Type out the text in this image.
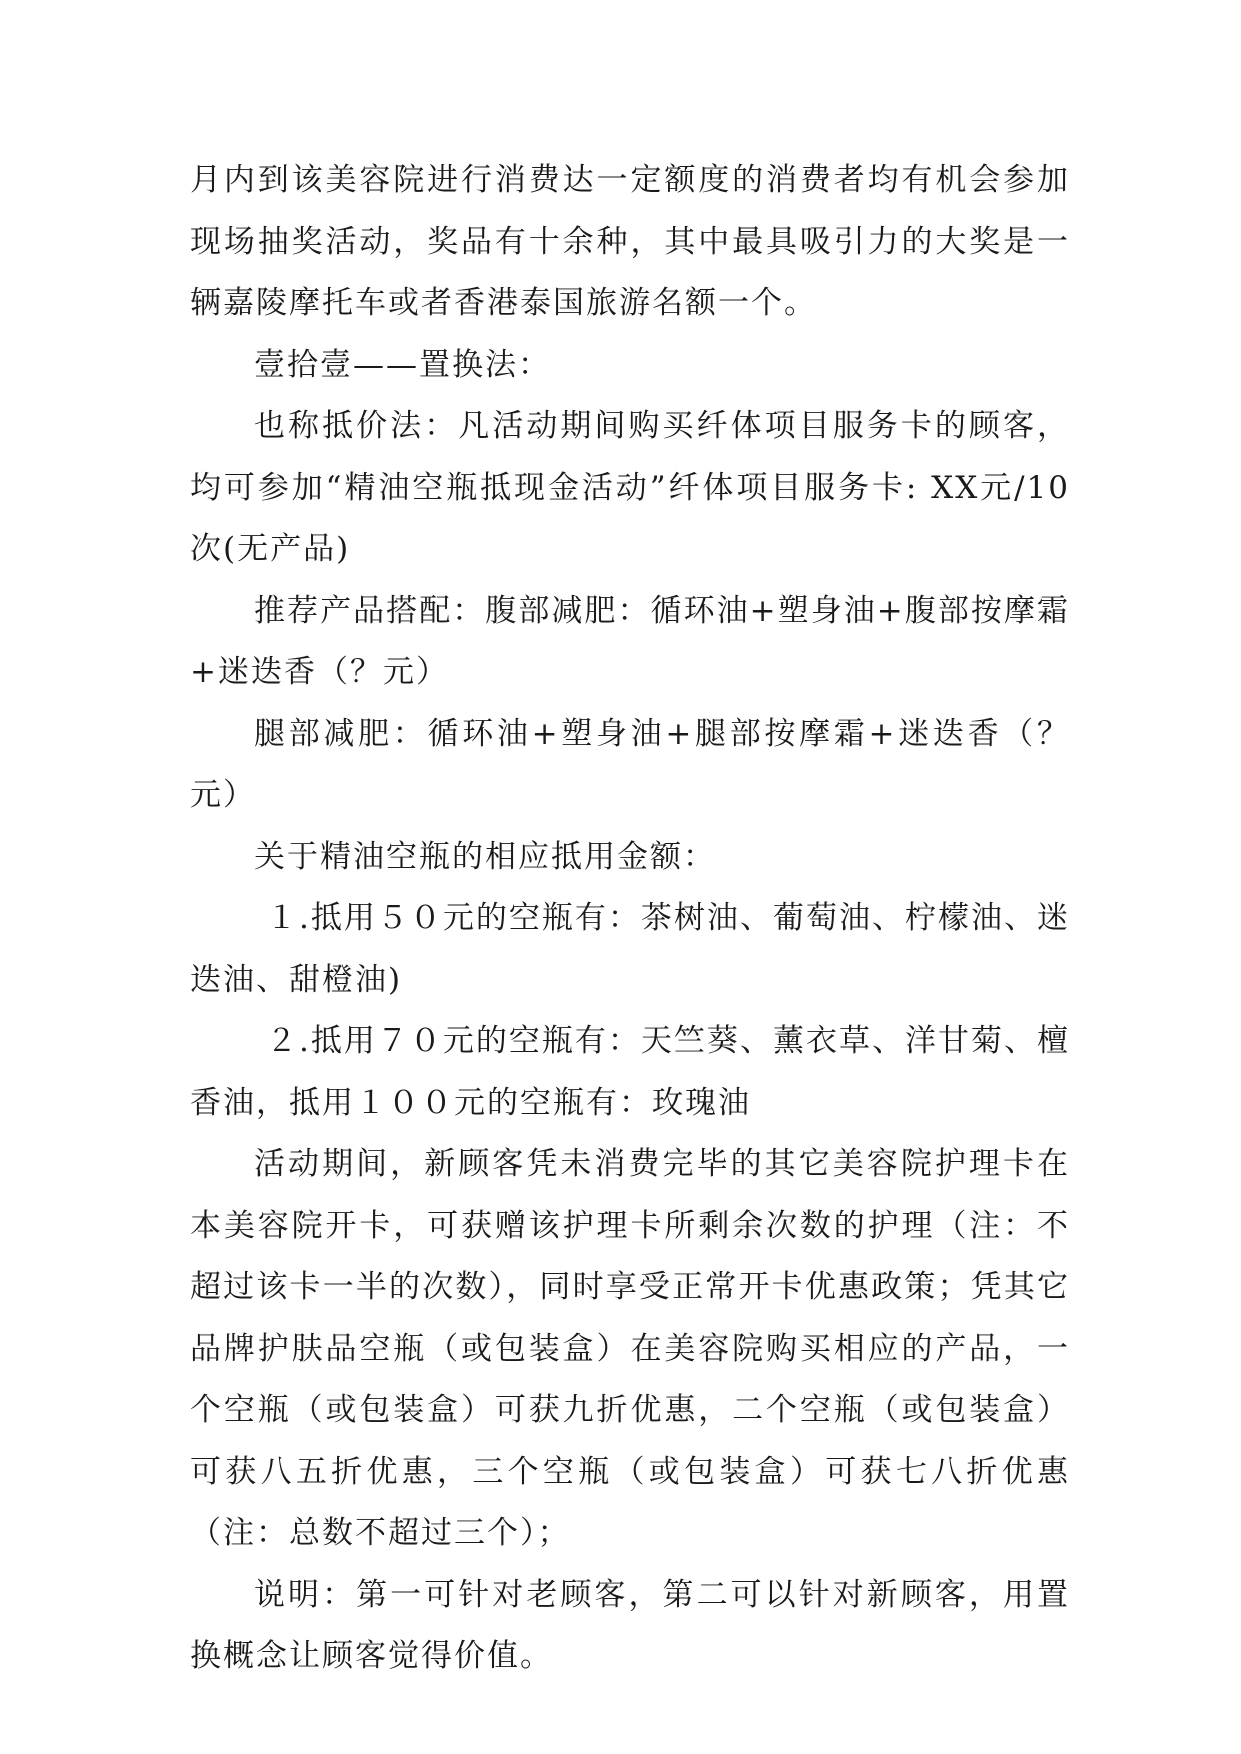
月内到该美容院进行消费达一定额度的消费者均有机会参加现场抽奖活动，奖品有十余种，其中最具吸引力的大奖是一辆嘉陵摩托车或者香港泰国旅游名额一个。

壹拾壹——置换法：

也称抵价法：凡活动期间购买纤体项目服务卡的顾客，均可参加“精油空瓶抵现金活动”纤体项目服务卡: XX元/10次(无产品)

推荐产品搭配：腹部减肥：循环油+塑身油+腹部按摩霜+迷迭香（？元）

腿部减肥：循环油+塑身油+腿部按摩霜+迷迭香（？元）

关于精油空瓶的相应抵用金额：

１.抵用５０元的空瓶有：茶树油、葡萄油、柠檬油、迷迭油、甜橙油)

２.抵用７０元的空瓶有：天竺葵、薰衣草、洋甘菊、檀香油，抵用１００元的空瓶有：玫瑰油

活动期间，新顾客凭未消费完毕的其它美容院护理卡在本美容院开卡，可获赠该护理卡所剩余次数的护理（注：不超过该卡一半的次数），同时享受正常开卡优惠政策；凭其它品牌护肤品空瓶（或包装盒）在美容院购买相应的产品，一个空瓶（或包装盒）可获九折优惠，二个空瓶（或包装盒）可获八五折优惠，三个空瓶（或包装盒）可获七八折优惠（注：总数不超过三个）；

说明：第一可针对老顾客，第二可以针对新顾客，用置换概念让顾客觉得价值。
